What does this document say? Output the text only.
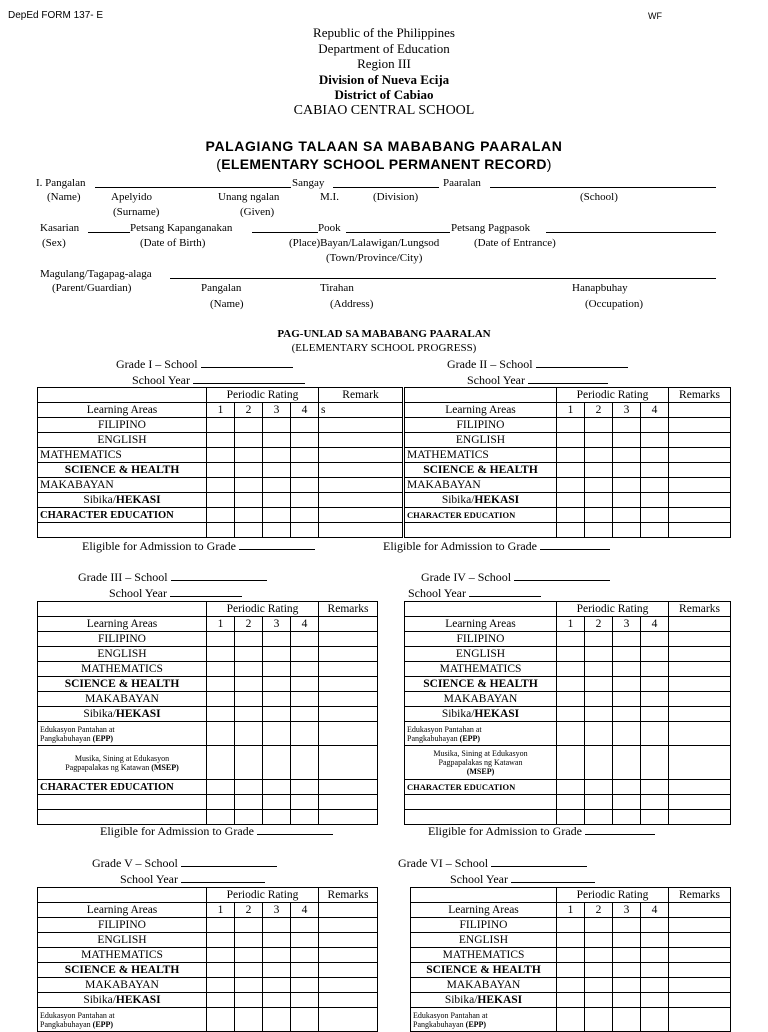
DepEd FORM 137- E	WF
Republic of the Philippines
Department of Education
Region III
Division of Nueva Ecija
District of Cabiao
CABIAO CENTRAL SCHOOL
PALAGIANG TALAAN SA MABABANG PAARALAN
(ELEMENTARY SCHOOL PERMANENT RECORD)
I. Pangalan	Sangay	Paaralan
(Name)	Apelyido	Unang ngalan	M.I.	(Division)	(School)
(Surname)	(Given)
Kasarian	Petsang Kapanganakan	Pook	Petsang Pagpasok
(Sex)	(Date of Birth)	(Place)Bayan/Lalawigan/Lungsod	(Date of Entrance)
(Town/Province/City)
Magulang/Tagapag-alaga
(Parent/Guardian)	Pangalan	Tirahan	Hanapbuhay
(Name)	(Address)	(Occupation)
PAG-UNLAD SA MABABANG PAARALAN
(ELEMENTARY SCHOOL PROGRESS)
Grade I – School
School Year
Grade II – School
School Year
	Periodic Rating				Remark
Learning Areas	1	2	3	4	s
FILIPINO					
ENGLISH					
MATHEMATICS					
SCIENCE & HEALTH					
MAKABAYAN					
Sibika/HEKASI					
CHARACTER EDUCATION					

	Periodic Rating				Remarks
Learning Areas	1	2	3	4	
FILIPINO					
ENGLISH					
MATHEMATICS					
SCIENCE & HEALTH					
MAKABAYAN					
Sibika/HEKASI					
CHARACTER EDUCATION					

Eligible for Admission to Grade	Eligible for Admission to Grade
Grade III – School
School Year
Grade IV – School
School Year
	Periodic Rating				Remarks
Learning Areas	1	2	3	4	
FILIPINO					
ENGLISH					
MATHEMATICS					
SCIENCE & HEALTH					
MAKABAYAN					
Sibika/HEKASI					
Edukasyon Pantahan at
Pangkabuhayan (EPP)					
Musika, Sining at Edukasyon
Pagpapalakas ng Katawan (MSEP)					
CHARACTER EDUCATION					

	Periodic Rating				Remarks
Learning Areas	1	2	3	4	
FILIPINO					
ENGLISH					
MATHEMATICS					
SCIENCE & HEALTH					
MAKABAYAN					
Sibika/HEKASI					
Edukasyon Pantahan at
Pangkabuhayan (EPP)					
Musika, Sining at Edukasyon
Pagpapalakas ng Katawan
(MSEP)					
CHARACTER EDUCATION					

Eligible for Admission to Grade	Eligible for Admission to Grade
Grade V – School
School Year
Grade VI – School
School Year
	Periodic Rating				Remarks
Learning Areas	1	2	3	4	
FILIPINO					
ENGLISH					
MATHEMATICS					
SCIENCE & HEALTH					
MAKABAYAN					
Sibika/HEKASI					
Edukasyon Pantahan at
Pangkabuhayan (EPP)					
	Periodic Rating				Remarks
Learning Areas	1	2	3	4	
FILIPINO					
ENGLISH					
MATHEMATICS					
SCIENCE & HEALTH					
MAKABAYAN					
Sibika/HEKASI					
Edukasyon Pantahan at
Pangkabuhayan (EPP)					
